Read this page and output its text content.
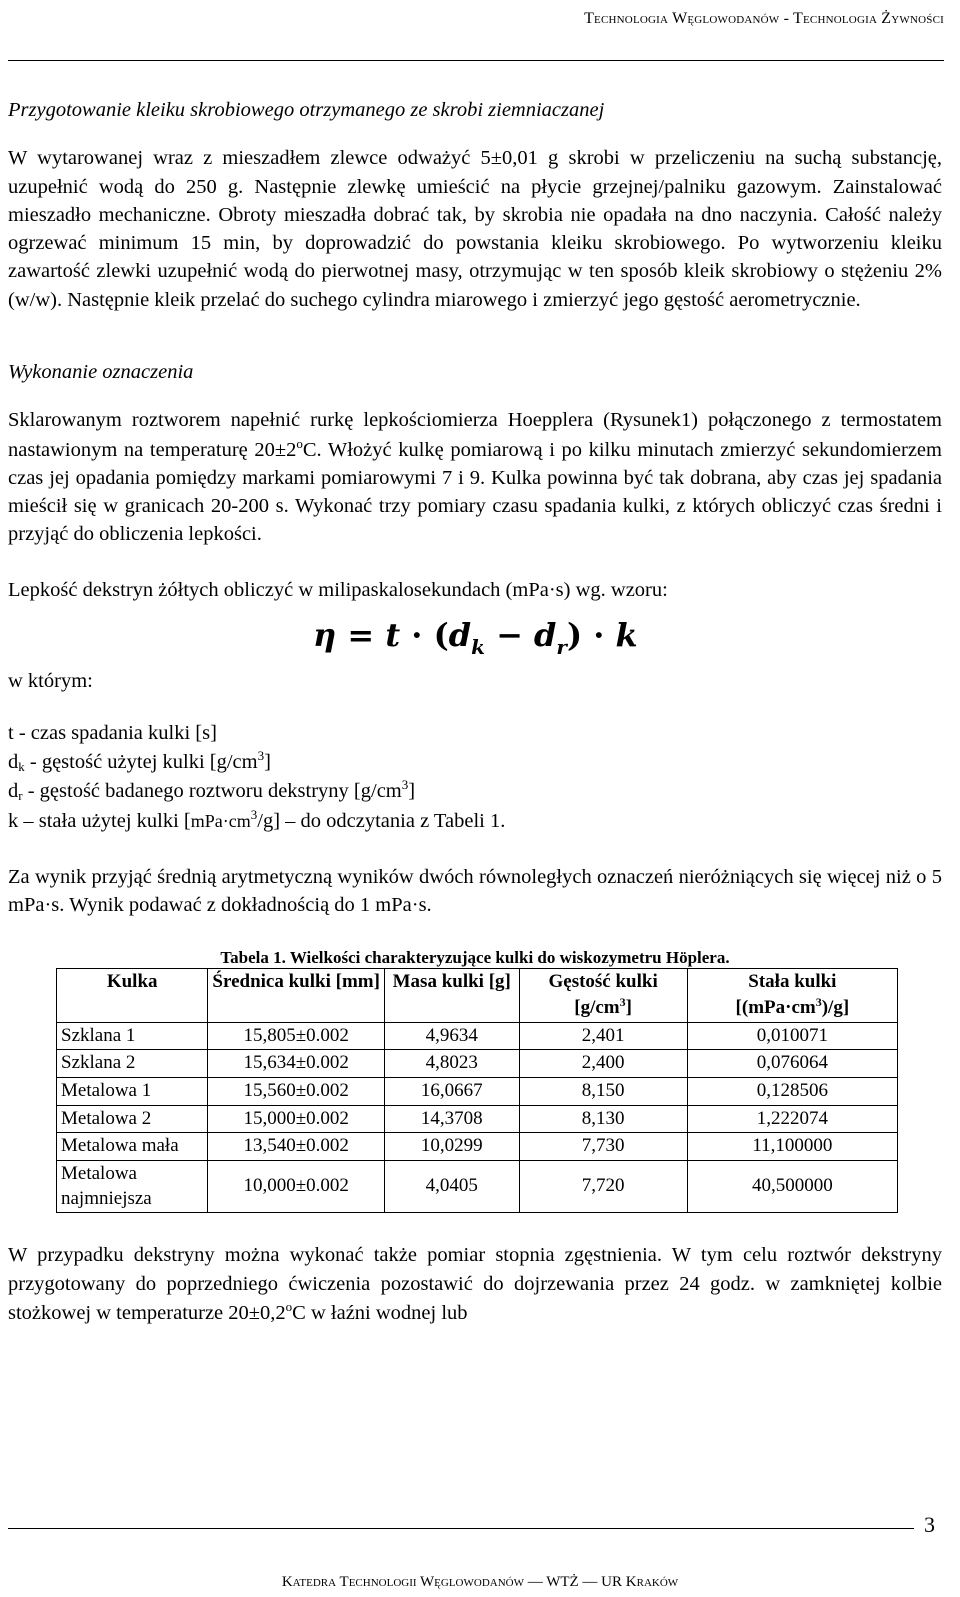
Technologia Węglowodanów - Technologia Żywności

Przygotowanie kleiku skrobiowego otrzymanego ze skrobi ziemniaczanej

W wytarowanej wraz z mieszadłem zlewce odważyć 5±0,01 g skrobi w przeliczeniu na suchą substancję, uzupełnić wodą do 250 g. Następnie zlewkę umieścić na płycie grzejnej/palniku gazowym. Zainstalować mieszadło mechaniczne. Obroty mieszadła dobrać tak, by skrobia nie opadała na dno naczynia. Całość należy ogrzewać minimum 15 min, by doprowadzić do powstania kleiku skrobiowego. Po wytworzeniu kleiku zawartość zlewki uzupełnić wodą do pierwotnej masy, otrzymując w ten sposób kleik skrobiowy o stężeniu 2%(w/w). Następnie kleik przelać do suchego cylindra miarowego i zmierzyć jego gęstość aerometrycznie.

Wykonanie oznaczenia

Sklarowanym roztworem napełnić rurkę lepkościomierza Hoepplera (Rysunek1) połączonego z termostatem nastawionym na temperaturę $20\pm 2^oC$. Włożyć kulkę pomiarową i po kilku minutach zmierzyć sekundomierzem czas jej opadania pomiędzy markami pomiarowymi 7 i 9. Kulka powinna być tak dobrana, aby czas jej spadania mieścił się w granicach 20-200 s. Wykonać trzy pomiary czasu spadania kulki, z których obliczyć czas średni i przyjąć do obliczenia lepkości.

Lepkość dekstryn żółtych obliczyć w milipaskalosekundach (mPa·s) wg. wzoru:

$\eta = t \cdot (d_k - d_r) \cdot k$
w którym:

t - czas spadania kulki [s]

$d_k$ - gęstość użytej kulki $[g/cm^3]$

$d_r$ - gęstość badanego roztworu dekstryny $[g/cm^3]$

k – stała użytej kulki $[mPa\cdot cm^3/g]$ – do odczytania z Tabeli 1.

Za wynik przyjąć średnią arytmetyczną wyników dwóch równoległych oznaczeń nieróżniących się więcej niż o 5 mPa·s. Wynik podawać z dokładnością do 1 mPa·s.

Tabela 1. Wielkości charakteryzujące kulki do wiskozymetru Höplera.

Kulka	Średnica kulki [mm]	Masa kulki [g]	Gęstość kulki $[g/cm^3]$	Stała kulki $[(mPa\cdot cm^3)/g]$
Szklana 1	15,805±0.002	4,9634	2,401	0,010071
Szklana 2	15,634±0.002	4,8023	2,400	0,076064
Metalowa 1	15,560±0.002	16,0667	8,150	0,128506
Metalowa 2	15,000±0.002	14,3708	8,130	1,222074
Metalowa mała	13,540±0.002	10,0299	7,730	11,100000
Metalowa najmniejsza	10,000±0.002	4,0405	7,720	40,500000

W przypadku dekstryny można wykonać także pomiar stopnia zgęstnienia. W tym celu roztwór dekstryny przygotowany do poprzedniego ćwiczenia pozostawić do dojrzewania przez 24 godz. w zamkniętej kolbie stożkowej w temperaturze $20\pm 0,2^oC$ w łaźni wodnej lub

3
Katedra Technologii Węglowodanów — WTŻ — UR Kraków
